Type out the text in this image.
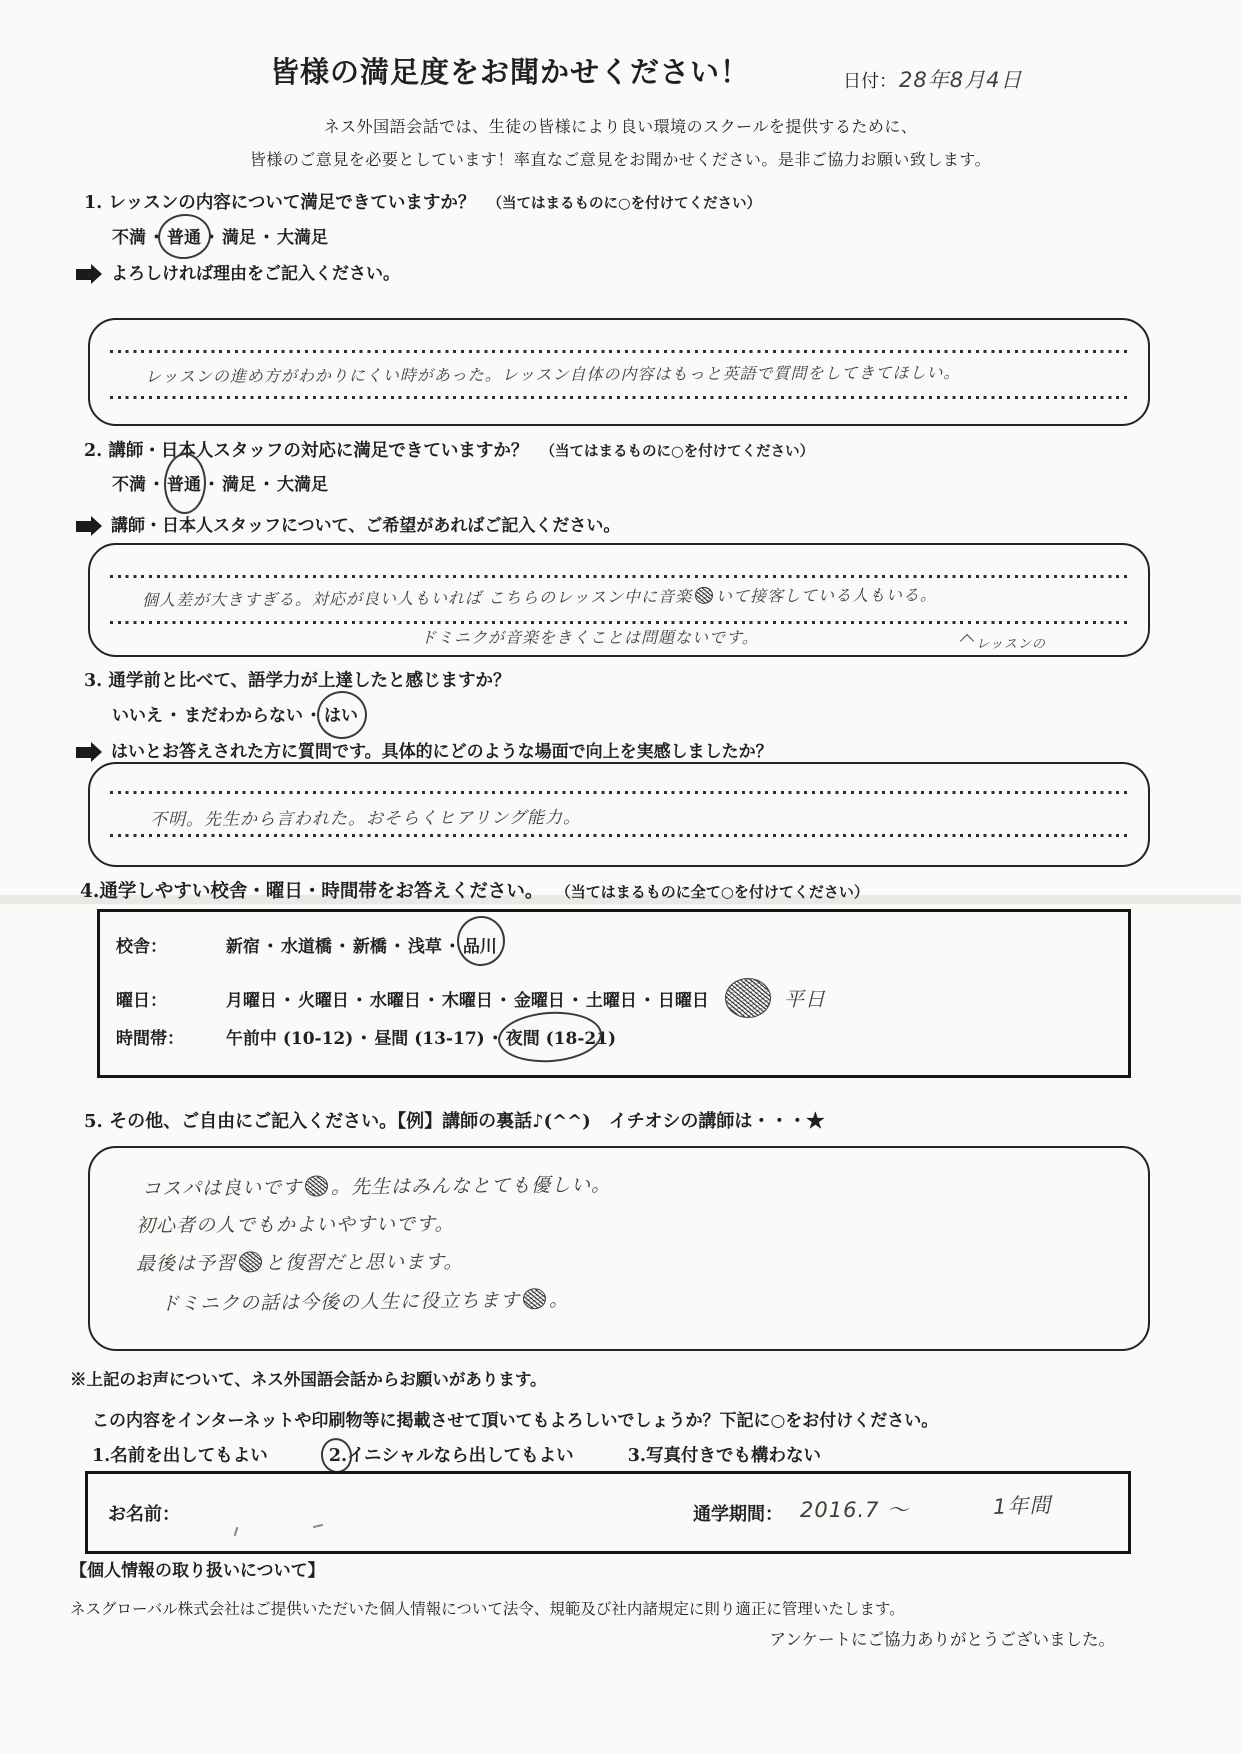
皆様の満足度をお聞かせください！	日付：28年8月4日
ネス外国語会話では、生徒の皆様により良い環境のスクールを提供するために、
皆様のご意見を必要としています！率直なご意見をお聞かせください。是非ご協力お願い致します。
1. レッスンの内容について満足できていますか？ （当てはまるものに○を付けてください）
不満 ・ 普通 ・ 満足 ・ 大満足
よろしければ理由をご記入ください。
レッスンの進め方がわかりにくい時があった。レッスン自体の内容はもっと英語で質問をしてきてほしい。
2. 講師・日本人スタッフの対応に満足できていますか？ （当てはまるものに○を付けてください）
不満 ・ 普通 ・ 満足 ・ 大満足
講師・日本人スタッフについて、ご希望があればご記入ください。
個人差が大きすぎる。対応が良い人もいれば こちらのレッスン中に音楽 いて接客している人もいる。
ドミニクが音楽をきくことは問題ないです。	レッスンの
3. 通学前と比べて、語学力が上達したと感じますか？
いいえ ・ まだわからない ・ はい
はいとお答えされた方に質問です。具体的にどのような場面で向上を実感しましたか？
不明。先生から言われた。おそらくヒアリング能力。
4.通学しやすい校舎・曜日・時間帯をお答えください。 （当てはまるものに全て○を付けてください）
校舎：	新宿 ・ 水道橋 ・ 新橋 ・ 浅草 ・ 品川
曜日：	月曜日 ・ 火曜日 ・ 水曜日 ・ 木曜日 ・ 金曜日 ・ 土曜日 ・ 日曜日	平日
時間帯： 午前中 (10-12) ・ 昼間 (13-17) ・ 夜間 (18-21)
5. その他、ご自由にご記入ください。【例】講師の裏話♪(^^)　イチオシの講師は・・・★
コスパは良いです 。先生はみんなとても優しい。
初心者の人でもかよいやすいです。
最後は予習 と復習だと思います。
ドミニクの話は今後の人生に役立ちます 。
※上記のお声について、ネス外国語会話からお願いがあります。
この内容をインターネットや印刷物等に掲載させて頂いてもよろしいでしょうか？下記に○をお付けください。
1.名前を出してもよい	2.イニシャルなら出してもよい	3.写真付きでも構わない
お名前：	通学期間： 2016.7 ～	1年間
【個人情報の取り扱いについて】
ネスグローバル株式会社はご提供いただいた個人情報について法令、規範及び社内諸規定に則り適正に管理いたします。
アンケートにご協力ありがとうございました。
